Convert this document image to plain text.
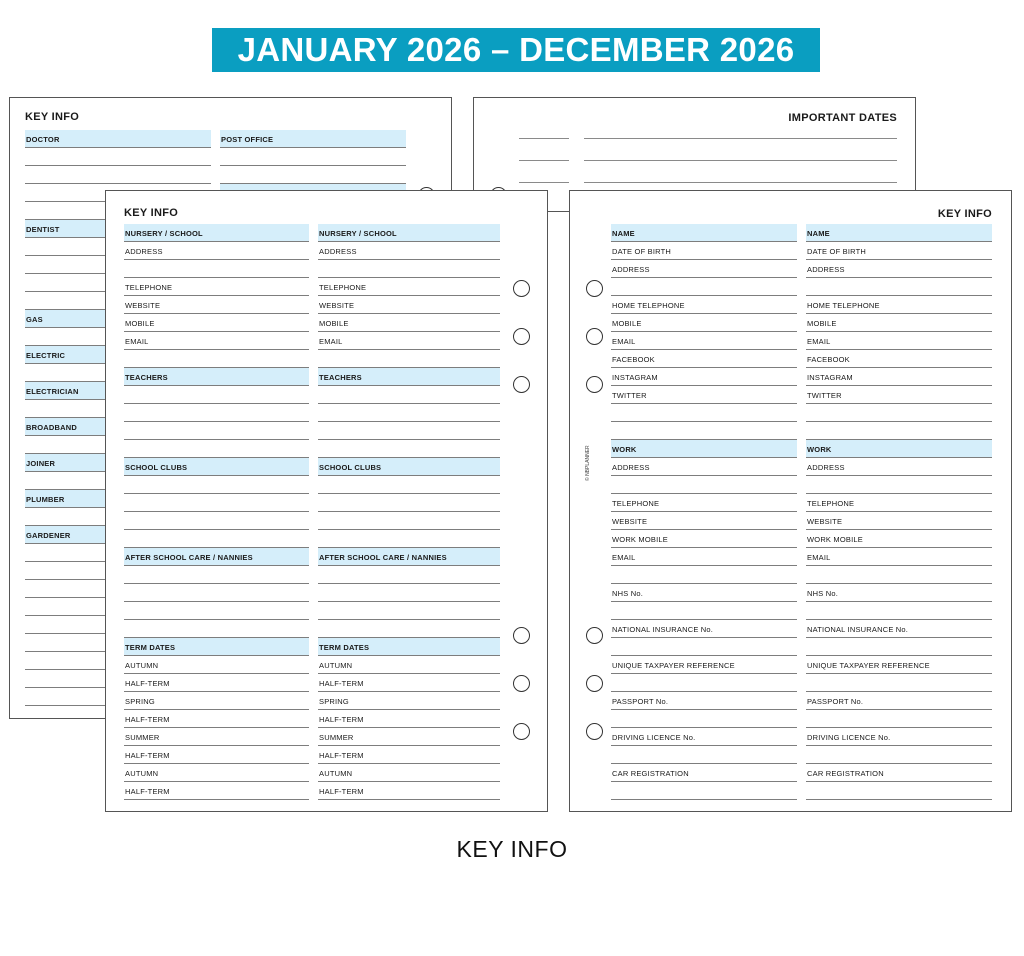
JANUARY 2026 – DECEMBER 2026
KEY INFO
DOCTOR
DENTIST
GAS
ELECTRIC
ELECTRICIAN
BROADBAND
JOINER
PLUMBER
GARDENER
POST OFFICE
IMPORTANT DATES
KEY INFO
NURSERY / SCHOOL
ADDRESS
TELEPHONE
WEBSITE
MOBILE
EMAIL
TEACHERS
SCHOOL CLUBS
AFTER SCHOOL CARE / NANNIES
TERM DATES
AUTUMN
HALF-TERM
SPRING
HALF-TERM
SUMMER
HALF-TERM
AUTUMN
HALF-TERM
NURSERY / SCHOOL
ADDRESS
TELEPHONE
WEBSITE
MOBILE
EMAIL
TEACHERS
SCHOOL CLUBS
AFTER SCHOOL CARE / NANNIES
TERM DATES
AUTUMN
HALF-TERM
SPRING
HALF-TERM
SUMMER
HALF-TERM
AUTUMN
HALF-TERM
KEY INFO
© NBPLANNER
NAME
DATE OF BIRTH
ADDRESS
HOME TELEPHONE
MOBILE
EMAIL
FACEBOOK
INSTAGRAM
TWITTER
WORK
ADDRESS
TELEPHONE
WEBSITE
WORK MOBILE
EMAIL
NHS No.
NATIONAL INSURANCE No.
UNIQUE TAXPAYER REFERENCE
PASSPORT No.
DRIVING LICENCE No.
CAR REGISTRATION
NAME
DATE OF BIRTH
ADDRESS
HOME TELEPHONE
MOBILE
EMAIL
FACEBOOK
INSTAGRAM
TWITTER
WORK
ADDRESS
TELEPHONE
WEBSITE
WORK MOBILE
EMAIL
NHS No.
NATIONAL INSURANCE No.
UNIQUE TAXPAYER REFERENCE
PASSPORT No.
DRIVING LICENCE No.
CAR REGISTRATION
KEY INFO
